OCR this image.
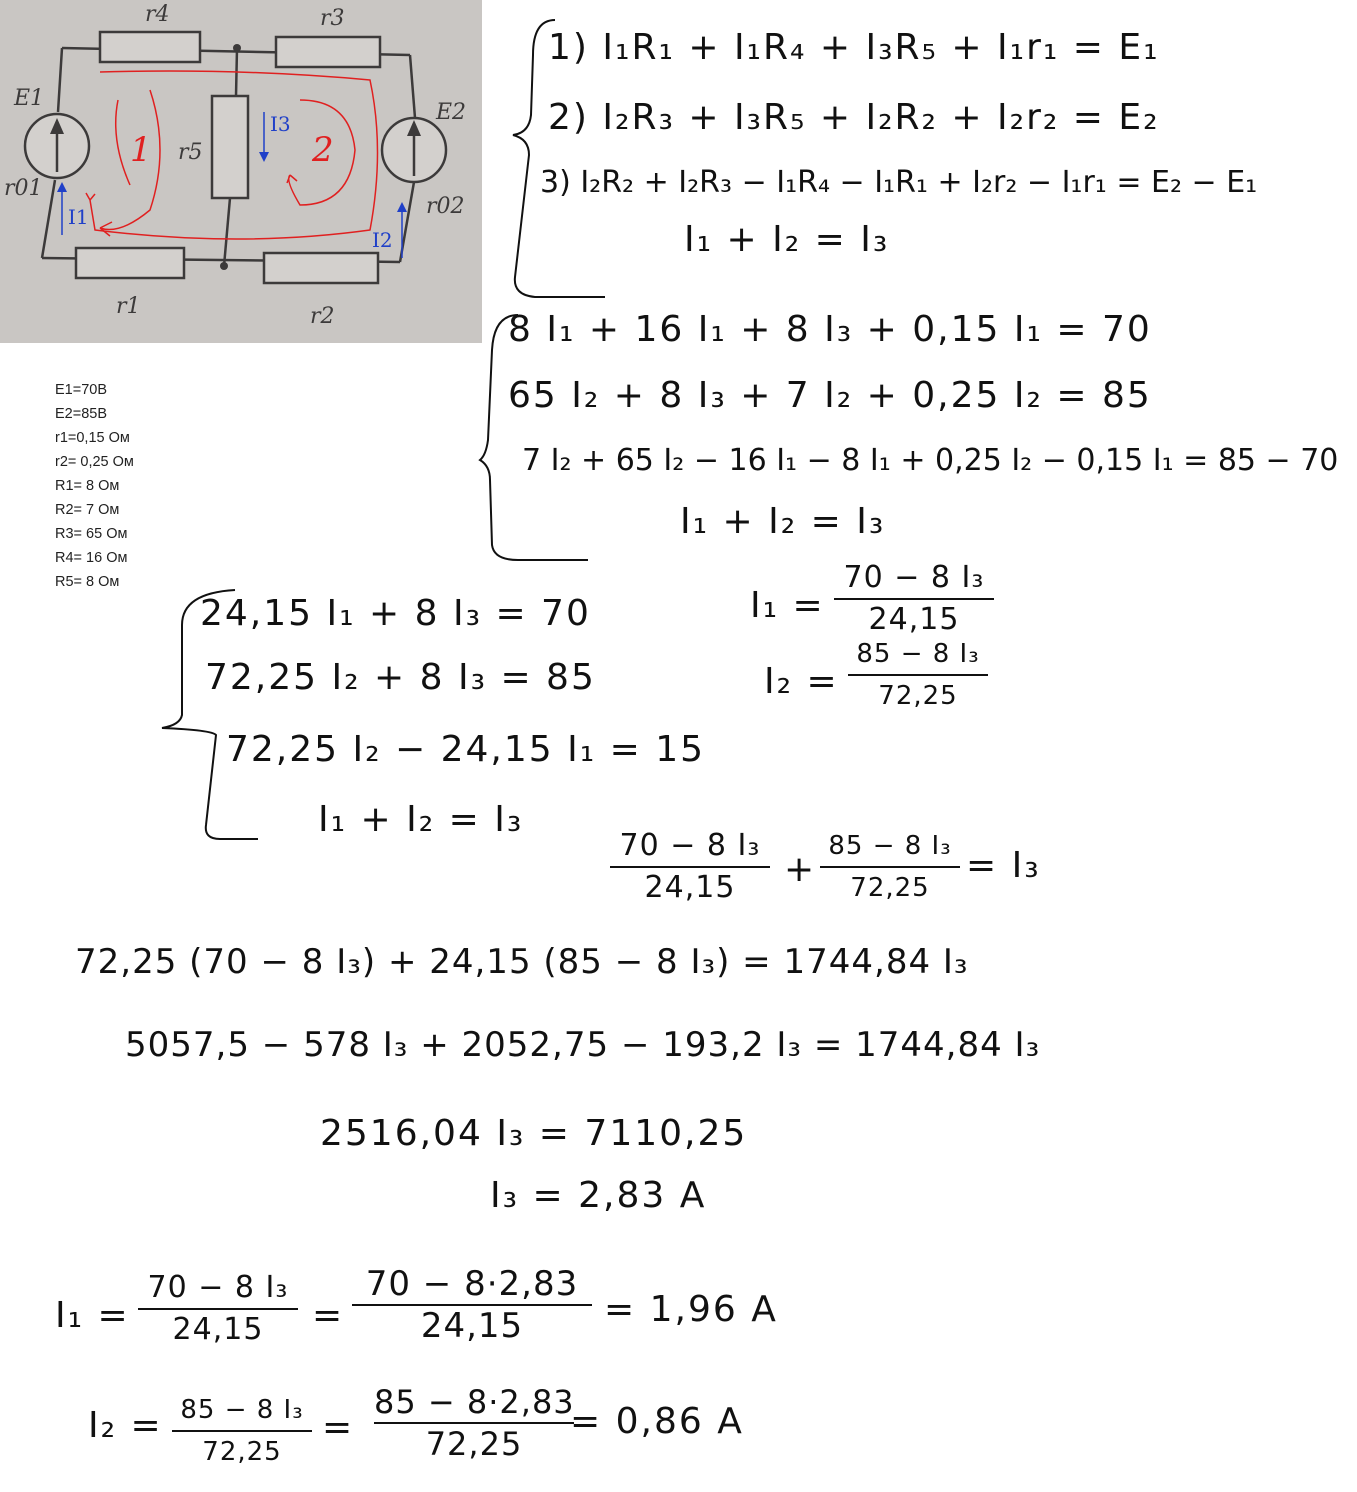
r4	r3
r5
r1	r2
E1
E2
r01
r02
I1
I2
I3
1	2
E1=70B
E2=85B
r1=0,15 Ом
r2= 0,25 Ом
R1= 8 Ом
R2= 7 Ом
R3= 65 Ом
R4= 16 Ом
R5= 8 Ом
1) I₁R₁ + I₁R₄ + I₃R₅ + I₁r₁ = E₁
2) I₂R₃ + I₃R₅ + I₂R₂ + I₂r₂ = E₂
3) I₂R₂ + I₂R₃ − I₁R₄ − I₁R₁ + I₂r₂ − I₁r₁ = E₂ − E₁
I₁ + I₂ = I₃
8 I₁ + 16 I₁ + 8 I₃ + 0,15 I₁ = 70
65 I₂ + 8 I₃ + 7 I₂ + 0,25 I₂ = 85
7 I₂ + 65 I₂ − 16 I₁ − 8 I₁ + 0,25 I₂ − 0,15 I₁ = 85 − 70
I₁ + I₂ = I₃
24,15 I₁ + 8 I₃ = 70
72,25 I₂ + 8 I₃ = 85
72,25 I₂ − 24,15 I₁ = 15
I₁ + I₂ = I₃
I₁ =
70 − 8 I₃
24,15
I₂ =
85 − 8 I₃
72,25
70 − 8 I₃
24,15	+
85 − 8 I₃
72,25
= I₃
72,25 (70 − 8 I₃) + 24,15 (85 − 8 I₃) = 1744,84 I₃
5057,5 − 578 I₃ + 2052,75 − 193,2 I₃ = 1744,84 I₃
2516,04 I₃ = 7110,25
I₃ = 2,83 A
I₁ =
70 − 8 I₃
24,15	=
70 − 8·2,83
24,15	= 1,96 A
I₂ = 85 − 8 I₃
72,25
=
85 − 8·2,83
72,25
= 0,86 A
